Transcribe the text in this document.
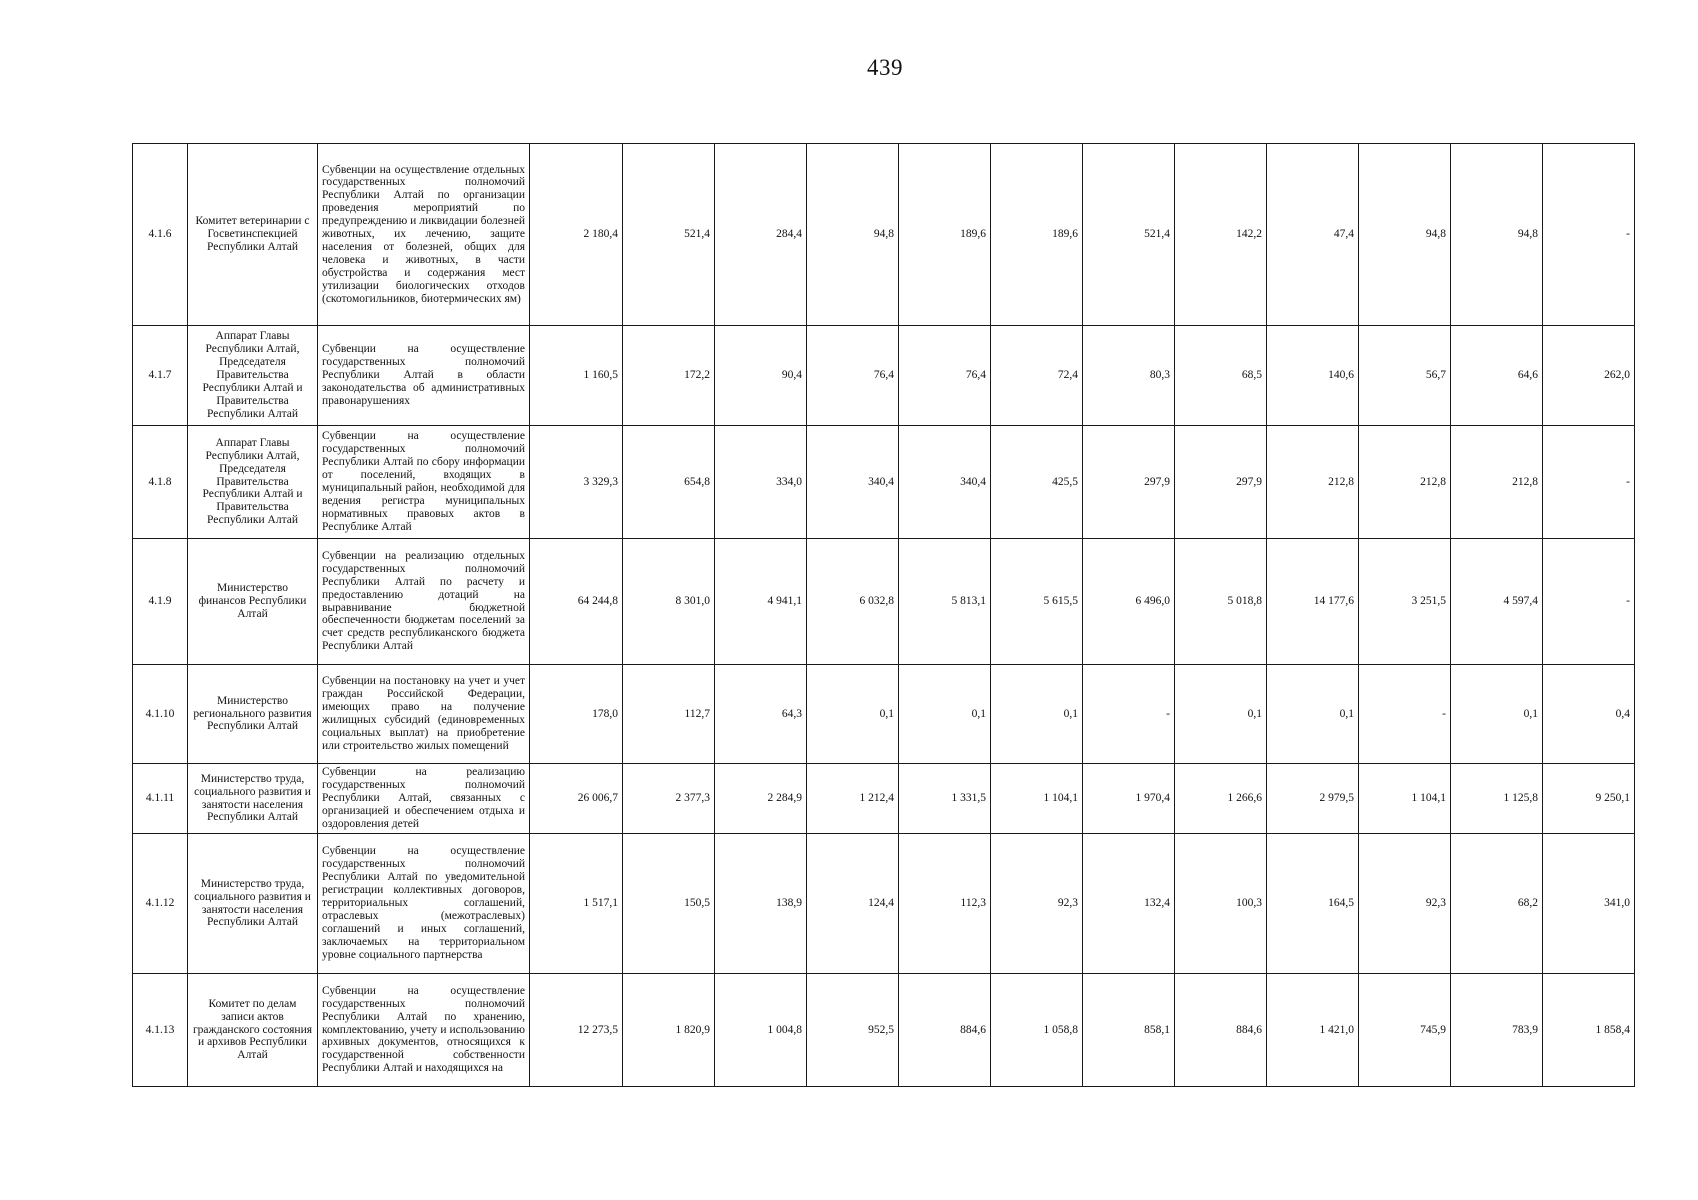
439
4.1.6	Комитет ветеринарии с Госветинспекцией Республики Алтай	Субвенции на осуществление отдельных государственных полномочий Республики Алтай по организации проведения мероприятий по предупреждению и ликвидации болезней животных, их лечению, защите населения от болезней, общих для человека и животных, в части обустройства и содержания мест утилизации биологических отходов (скотомогильников, биотермических ям)	2 180,4	521,4	284,4	94,8	189,6	189,6	521,4	142,2	47,4	94,8	94,8	-
4.1.7	Аппарат Главы Республики Алтай, Председателя Правительства Республики Алтай и Правительства Республики Алтай	Субвенции на осуществление государственных полномочий Республики Алтай в области законодательства об административных правонарушениях	1 160,5	172,2	90,4	76,4	76,4	72,4	80,3	68,5	140,6	56,7	64,6	262,0
4.1.8	Аппарат Главы Республики Алтай, Председателя Правительства Республики Алтай и Правительства Республики Алтай	Субвенции на осуществление государственных полномочий Республики Алтай по сбору информации от поселений, входящих в муниципальный район, необходимой для ведения регистра муниципальных нормативных правовых актов в Республике Алтай	3 329,3	654,8	334,0	340,4	340,4	425,5	297,9	297,9	212,8	212,8	212,8	-
4.1.9	Министерство финансов Республики Алтай	Субвенции на реализацию отдельных государственных полномочий Республики Алтай по расчету и предоставлению дотаций на выравнивание бюджетной обеспеченности бюджетам поселений за счет средств республиканского бюджета Республики Алтай	64 244,8	8 301,0	4 941,1	6 032,8	5 813,1	5 615,5	6 496,0	5 018,8	14 177,6	3 251,5	4 597,4	-
4.1.10	Министерство регионального развития Республики Алтай	Субвенции на постановку на учет и учет граждан Российской Федерации, имеющих право на получение жилищных субсидий (единовременных социальных выплат) на приобретение или строительство жилых помещений	178,0	112,7	64,3	0,1	0,1	0,1	-	0,1	0,1	-	0,1	0,4
4.1.11	Министерство труда, социального развития и занятости населения Республики Алтай	Субвенции на реализацию государственных полномочий Республики Алтай, связанных с организацией и обеспечением отдыха и оздоровления детей	26 006,7	2 377,3	2 284,9	1 212,4	1 331,5	1 104,1	1 970,4	1 266,6	2 979,5	1 104,1	1 125,8	9 250,1
4.1.12	Министерство труда, социального развития и занятости населения Республики Алтай	Субвенции на осуществление государственных полномочий Республики Алтай по уведомительной регистрации коллективных договоров, территориальных соглашений, отраслевых (межотраслевых) соглашений и иных соглашений, заключаемых на территориальном уровне социального партнерства	1 517,1	150,5	138,9	124,4	112,3	92,3	132,4	100,3	164,5	92,3	68,2	341,0
4.1.13	Комитет по делам записи актов гражданского состояния и архивов Республики Алтай	Субвенции на осуществление государственных полномочий Республики Алтай по хранению, комплектованию, учету и использованию архивных документов, относящихся к государственной собственности Республики Алтай и находящихся на	12 273,5	1 820,9	1 004,8	952,5	884,6	1 058,8	858,1	884,6	1 421,0	745,9	783,9	1 858,4
